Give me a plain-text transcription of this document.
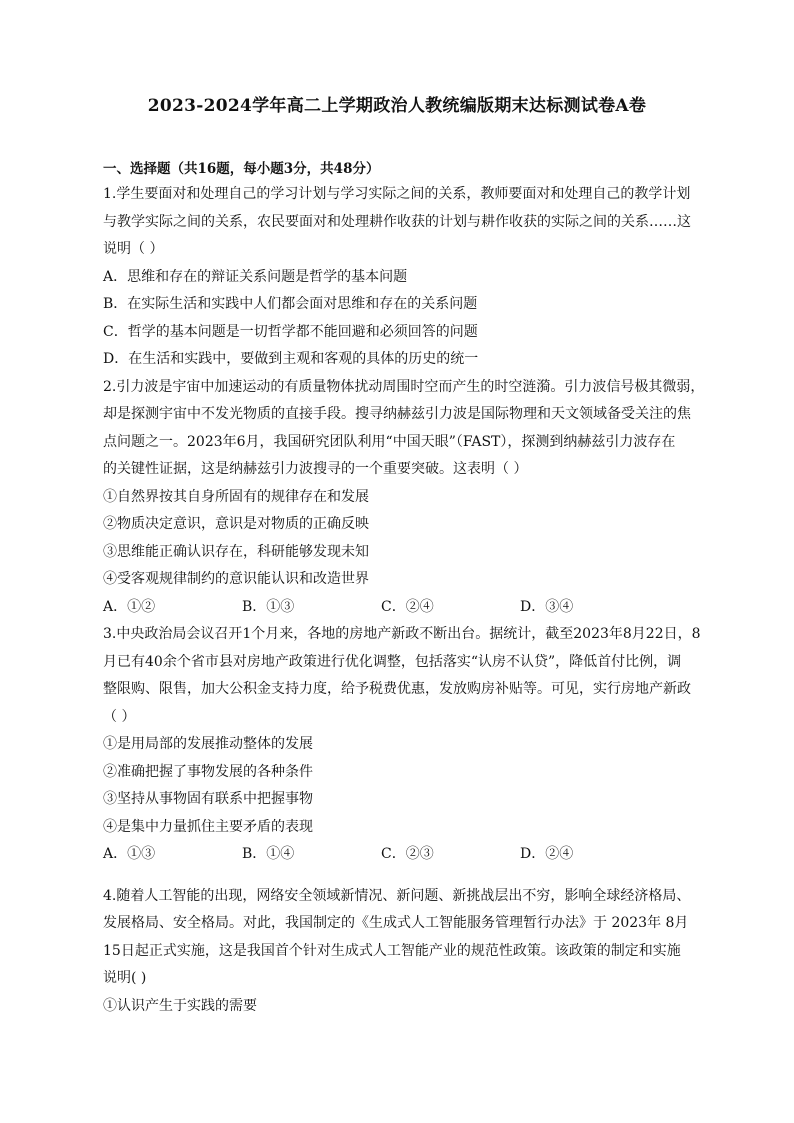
2023-2024学年高二上学期政治人教统编版期末达标测试卷A卷
一、选择题（共16题，每小题3分，共48分）
1.学生要面对和处理自己的学习计划与学习实际之间的关系，教师要面对和处理自己的教学计划
与教学实际之间的关系，农民要面对和处理耕作收获的计划与耕作收获的实际之间的关系……这
说明（ ）
A．思维和存在的辩证关系问题是哲学的基本问题
B．在实际生活和实践中人们都会面对思维和存在的关系问题
C．哲学的基本问题是一切哲学都不能回避和必须回答的问题
D．在生活和实践中，要做到主观和客观的具体的历史的统一
2.引力波是宇宙中加速运动的有质量物体扰动周围时空而产生的时空涟漪。引力波信号极其微弱，
却是探测宇宙中不发光物质的直接手段。搜寻纳赫兹引力波是国际物理和天文领域备受关注的焦
点问题之一。2023年6月，我国研究团队利用“中国天眼”（FAST），探测到纳赫兹引力波存在
的关键性证据，这是纳赫兹引力波搜寻的一个重要突破。这表明（ ）
①自然界按其自身所固有的规律存在和发展
②物质决定意识，意识是对物质的正确反映
③思维能正确认识存在，科研能够发现未知
④受客观规律制约的意识能认识和改造世界
A．①②	B．①③	C．②④	D．③④
3.中央政治局会议召开1个月来，各地的房地产新政不断出台。据统计，截至2023年8月22日，8
月已有40余个省市县对房地产政策进行优化调整，包括落实“认房不认贷”，降低首付比例，调
整限购、限售，加大公积金支持力度，给予税费优惠，发放购房补贴等。可见，实行房地产新政
（ ）
①是用局部的发展推动整体的发展
②准确把握了事物发展的各种条件
③坚持从事物固有联系中把握事物
④是集中力量抓住主要矛盾的表现
A．①③	B．①④	C．②③	D．②④
4.随着人工智能的出现，网络安全领域新情况、新问题、新挑战层出不穷，影响全球经济格局、
发展格局、安全格局。对此，我国制定的《生成式人工智能服务管理暂行办法》于 2023年 8月
15日起正式实施，这是我国首个针对生成式人工智能产业的规范性政策。该政策的制定和实施
说明( )
①认识产生于实践的需要
